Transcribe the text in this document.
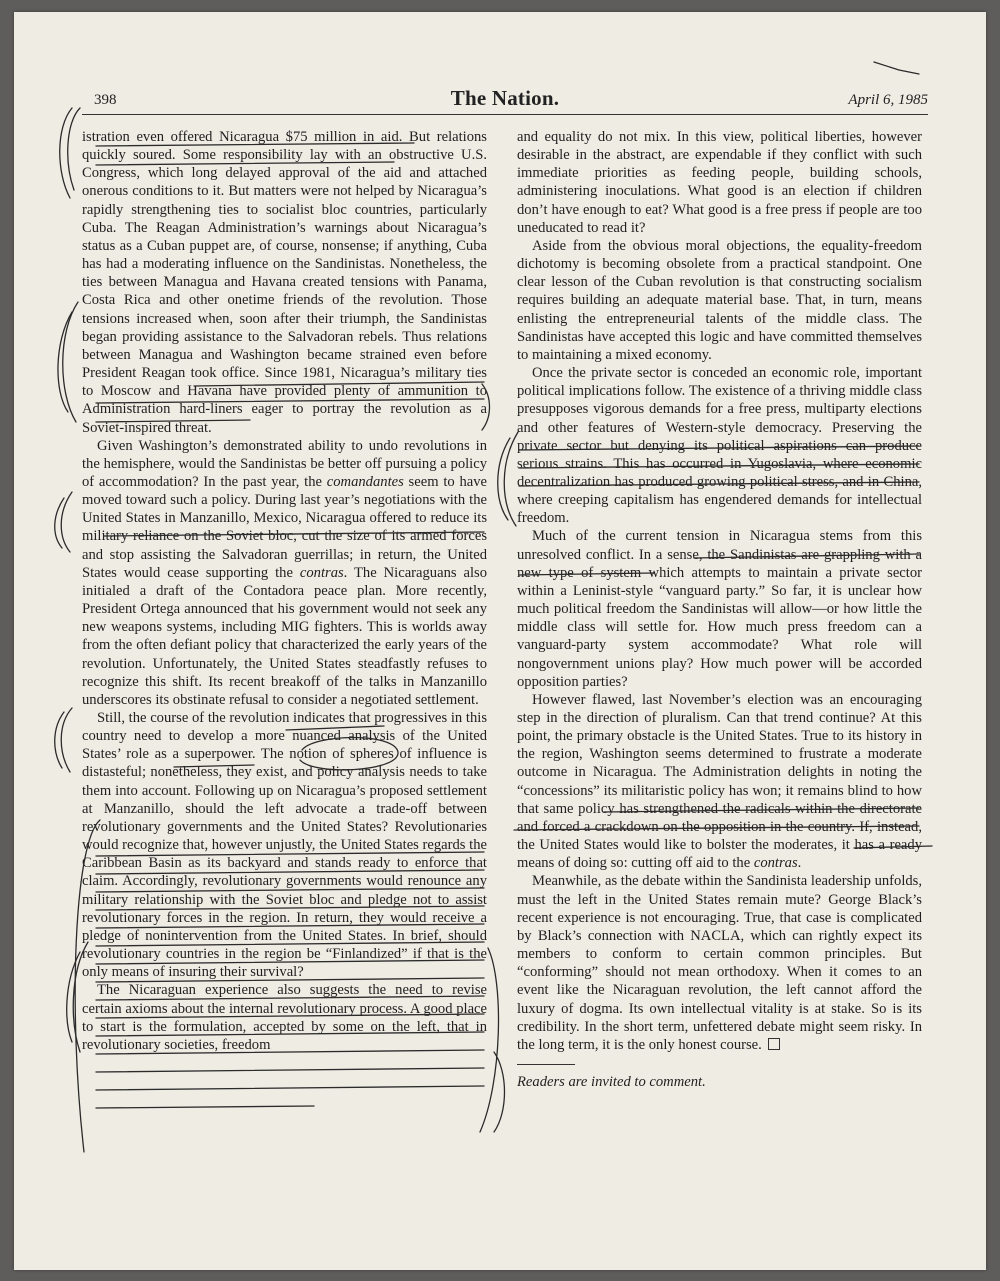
398	The Nation.	April 6, 1985

istration even offered Nicaragua $75 million in aid. But relations quickly soured. Some responsibility lay with an obstructive U.S. Congress, which long delayed approval of the aid and attached onerous conditions to it. But matters were not helped by Nicaragua’s rapidly strengthening ties to socialist bloc countries, particularly Cuba. The Reagan Administration’s warnings about Nicaragua’s status as a Cuban puppet are, of course, nonsense; if anything, Cuba has had a moderating influence on the Sandinistas. Nonetheless, the ties between Managua and Havana created tensions with Panama, Costa Rica and other onetime friends of the revolution. Those tensions increased when, soon after their triumph, the Sandinistas began providing assistance to the Salvadoran rebels. Thus relations between Managua and Washington became strained even before President Reagan took office. Since 1981, Nicaragua’s military ties to Moscow and Havana have provided plenty of ammunition to Administration hard-liners eager to portray the revolution as a Soviet-inspired threat.

Given Washington’s demonstrated ability to undo revolutions in the hemisphere, would the Sandinistas be better off pursuing a policy of accommodation? In the past year, the comandantes seem to have moved toward such a policy. During last year’s negotiations with the United States in Manzanillo, Mexico, Nicaragua offered to reduce its military reliance on the Soviet bloc, cut the size of its armed forces and stop assisting the Salvadoran guerrillas; in return, the United States would cease supporting the contras. The Nicaraguans also initialed a draft of the Contadora peace plan. More recently, President Ortega announced that his government would not seek any new weapons systems, including MIG fighters. This is worlds away from the often defiant policy that characterized the early years of the revolution. Unfortunately, the United States steadfastly refuses to recognize this shift. Its recent breakoff of the talks in Manzanillo underscores its obstinate refusal to consider a negotiated settlement.

Still, the course of the revolution indicates that progressives in this country need to develop a more nuanced analysis of the United States’ role as a superpower. The notion of spheres of influence is distasteful; nonetheless, they exist, and policy analysis needs to take them into account. Following up on Nicaragua’s proposed settlement at Manzanillo, should the left advocate a trade-off between revolutionary governments and the United States? Revolutionaries would recognize that, however unjustly, the United States regards the Caribbean Basin as its backyard and stands ready to enforce that claim. Accordingly, revolutionary governments would renounce any military relationship with the Soviet bloc and pledge not to assist revolutionary forces in the region. In return, they would receive a pledge of nonintervention from the United States. In brief, should revolutionary countries in the region be “Finlandized” if that is the only means of insuring their survival?

The Nicaraguan experience also suggests the need to revise certain axioms about the internal revolutionary process. A good place to start is the formulation, accepted by some on the left, that in revolutionary societies, freedom

and equality do not mix. In this view, political liberties, however desirable in the abstract, are expendable if they conflict with such immediate priorities as feeding people, building schools, administering inoculations. What good is an election if children don’t have enough to eat? What good is a free press if people are too uneducated to read it?

Aside from the obvious moral objections, the equality-freedom dichotomy is becoming obsolete from a practical standpoint. One clear lesson of the Cuban revolution is that constructing socialism requires building an adequate material base. That, in turn, means enlisting the entrepreneurial talents of the middle class. The Sandinistas have accepted this logic and have committed themselves to maintaining a mixed economy.

Once the private sector is conceded an economic role, important political implications follow. The existence of a thriving middle class presupposes vigorous demands for a free press, multiparty elections and other features of Western-style democracy. Preserving the private sector but denying its political aspirations can produce serious strains. This has occurred in Yugoslavia, where economic decentralization has produced growing political stress, and in China, where creeping capitalism has engendered demands for intellectual freedom.

Much of the current tension in Nicaragua stems from this unresolved conflict. In a sense, the Sandinistas are grappling with a new type of system which attempts to maintain a private sector within a Leninist-style “vanguard party.” So far, it is unclear how much political freedom the Sandinistas will allow—or how little the middle class will settle for. How much press freedom can a vanguard-party system accommodate? What role will nongovernment unions play? How much power will be accorded opposition parties?

However flawed, last November’s election was an encouraging step in the direction of pluralism. Can that trend continue? At this point, the primary obstacle is the United States. True to its history in the region, Washington seems determined to frustrate a moderate outcome in Nicaragua. The Administration delights in noting the “concessions” its militaristic policy has won; it remains blind to how that same policy has strengthened the radicals within the directorate and forced a crackdown on the opposition in the country. If, instead, the United States would like to bolster the moderates, it has a ready means of doing so: cutting off aid to the contras.

Meanwhile, as the debate within the Sandinista leadership unfolds, must the left in the United States remain mute? George Black’s recent experience is not encouraging. True, that case is complicated by Black’s connection with NACLA, which can rightly expect its members to conform to certain common principles. But “conforming” should not mean orthodoxy. When it comes to an event like the Nicaraguan revolution, the left cannot afford the luxury of dogma. Its own intellectual vitality is at stake. So is its credibility. In the short term, unfettered debate might seem risky. In the long term, it is the only honest course.

Readers are invited to comment.
